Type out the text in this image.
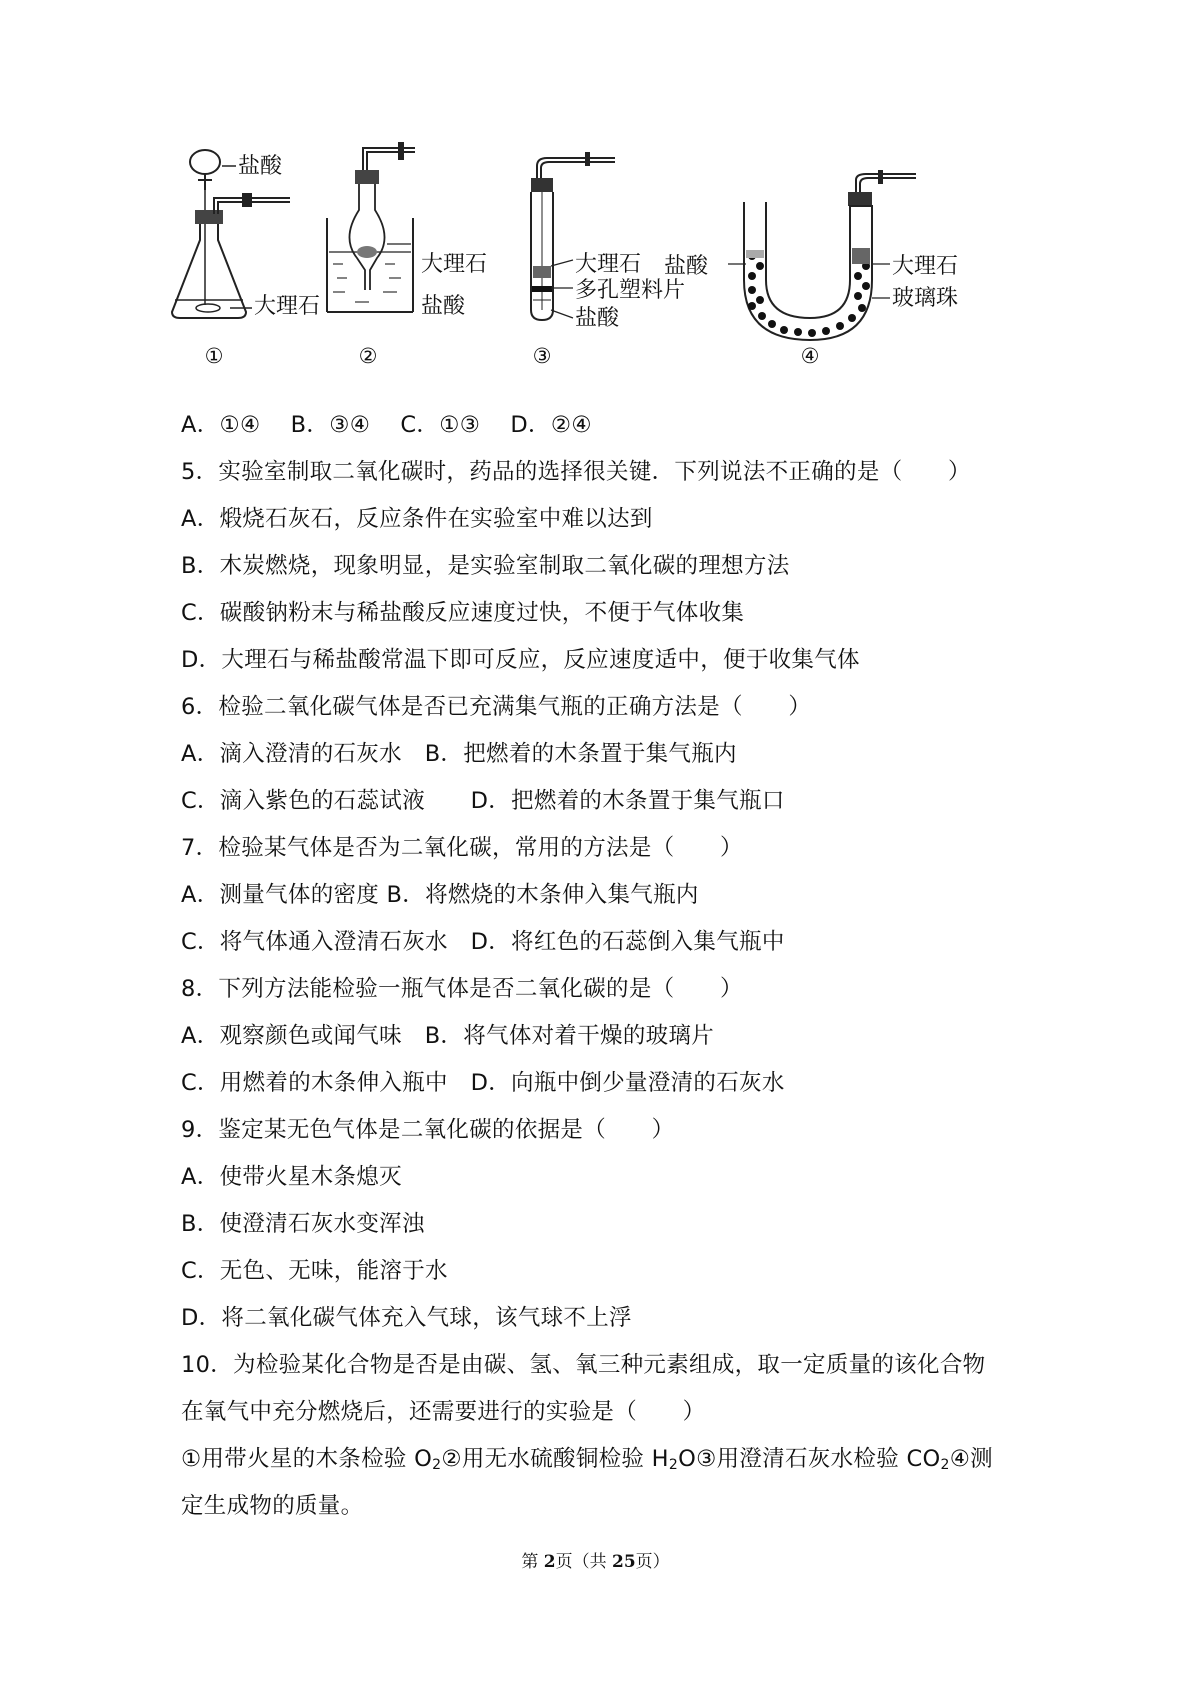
盐酸
大理石
①
大理石
盐酸
②
大理石
多孔塑料片
盐酸
③
盐酸	大理石
玻璃珠
④
A．①④　 B．③④　 C．①③　 D．②④
5．实验室制取二氧化碳时，药品的选择很关键．下列说法不正确的是（　　）
A．煅烧石灰石，反应条件在实验室中难以达到
B．木炭燃烧，现象明显，是实验室制取二氧化碳的理想方法
C．碳酸钠粉末与稀盐酸反应速度过快，不便于气体收集
D．大理石与稀盐酸常温下即可反应，反应速度适中，便于收集气体
6．检验二氧化碳气体是否已充满集气瓶的正确方法是（　　）
A．滴入澄清的石灰水　B．把燃着的木条置于集气瓶内
C．滴入紫色的石蕊试液　　D．把燃着的木条置于集气瓶口
7．检验某气体是否为二氧化碳，常用的方法是（　　）
A．测量气体的密度 B．将燃烧的木条伸入集气瓶内
C．将气体通入澄清石灰水　D．将红色的石蕊倒入集气瓶中
8．下列方法能检验一瓶气体是否二氧化碳的是（　　）
A．观察颜色或闻气味　B．将气体对着干燥的玻璃片
C．用燃着的木条伸入瓶中　D．向瓶中倒少量澄清的石灰水
9．鉴定某无色气体是二氧化碳的依据是（　　）
A．使带火星木条熄灭
B．使澄清石灰水变浑浊
C．无色、无味，能溶于水
D．将二氧化碳气体充入气球，该气球不上浮
10．为检验某化合物是否是由碳、氢、氧三种元素组成，取一定质量的该化合物
在氧气中充分燃烧后，还需要进行的实验是（　　）
①用带火星的木条检验 $O_2②$用无水硫酸铜检验 $H_2O③$用澄清石灰水检验 $CO_2④$测
定生成物的质量。
第 2页（共 25页）
